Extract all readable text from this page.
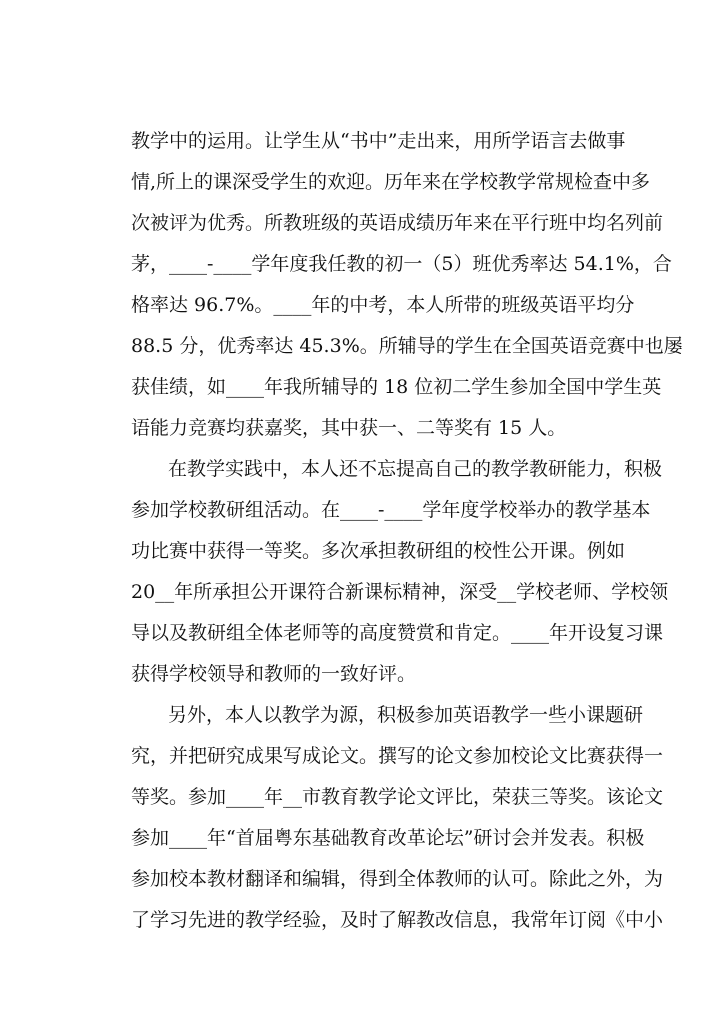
教学中的运用。让学生从“书中”走出来，用所学语言去做事

情,所上的课深受学生的欢迎。历年来在学校教学常规检查中多

次被评为优秀。所教班级的英语成绩历年来在平行班中均名列前

茅，____-____学年度我任教的初一（5）班优秀率达 54.1%，合

格率达 96.7%。____年的中考，本人所带的班级英语平均分

88.5 分，优秀率达 45.3%。所辅导的学生在全国英语竞赛中也屡

获佳绩，如____年我所辅导的 18 位初二学生参加全国中学生英

语能力竞赛均获嘉奖，其中获一、二等奖有 15 人。

在教学实践中，本人还不忘提高自己的教学教研能力，积极

参加学校教研组活动。在____-____学年度学校举办的教学基本

功比赛中获得一等奖。多次承担教研组的校性公开课。例如

20__年所承担公开课符合新课标精神，深受__学校老师、学校领

导以及教研组全体老师等的高度赞赏和肯定。____年开设复习课

获得学校领导和教师的一致好评。

另外，本人以教学为源，积极参加英语教学一些小课题研

究，并把研究成果写成论文。撰写的论文参加校论文比赛获得一

等奖。参加____年__市教育教学论文评比，荣获三等奖。该论文

参加____年“首届粤东基础教育改革论坛”研讨会并发表。积极

参加校本教材翻译和编辑，得到全体教师的认可。除此之外，为

了学习先进的教学经验，及时了解教改信息，我常年订阅《中小
